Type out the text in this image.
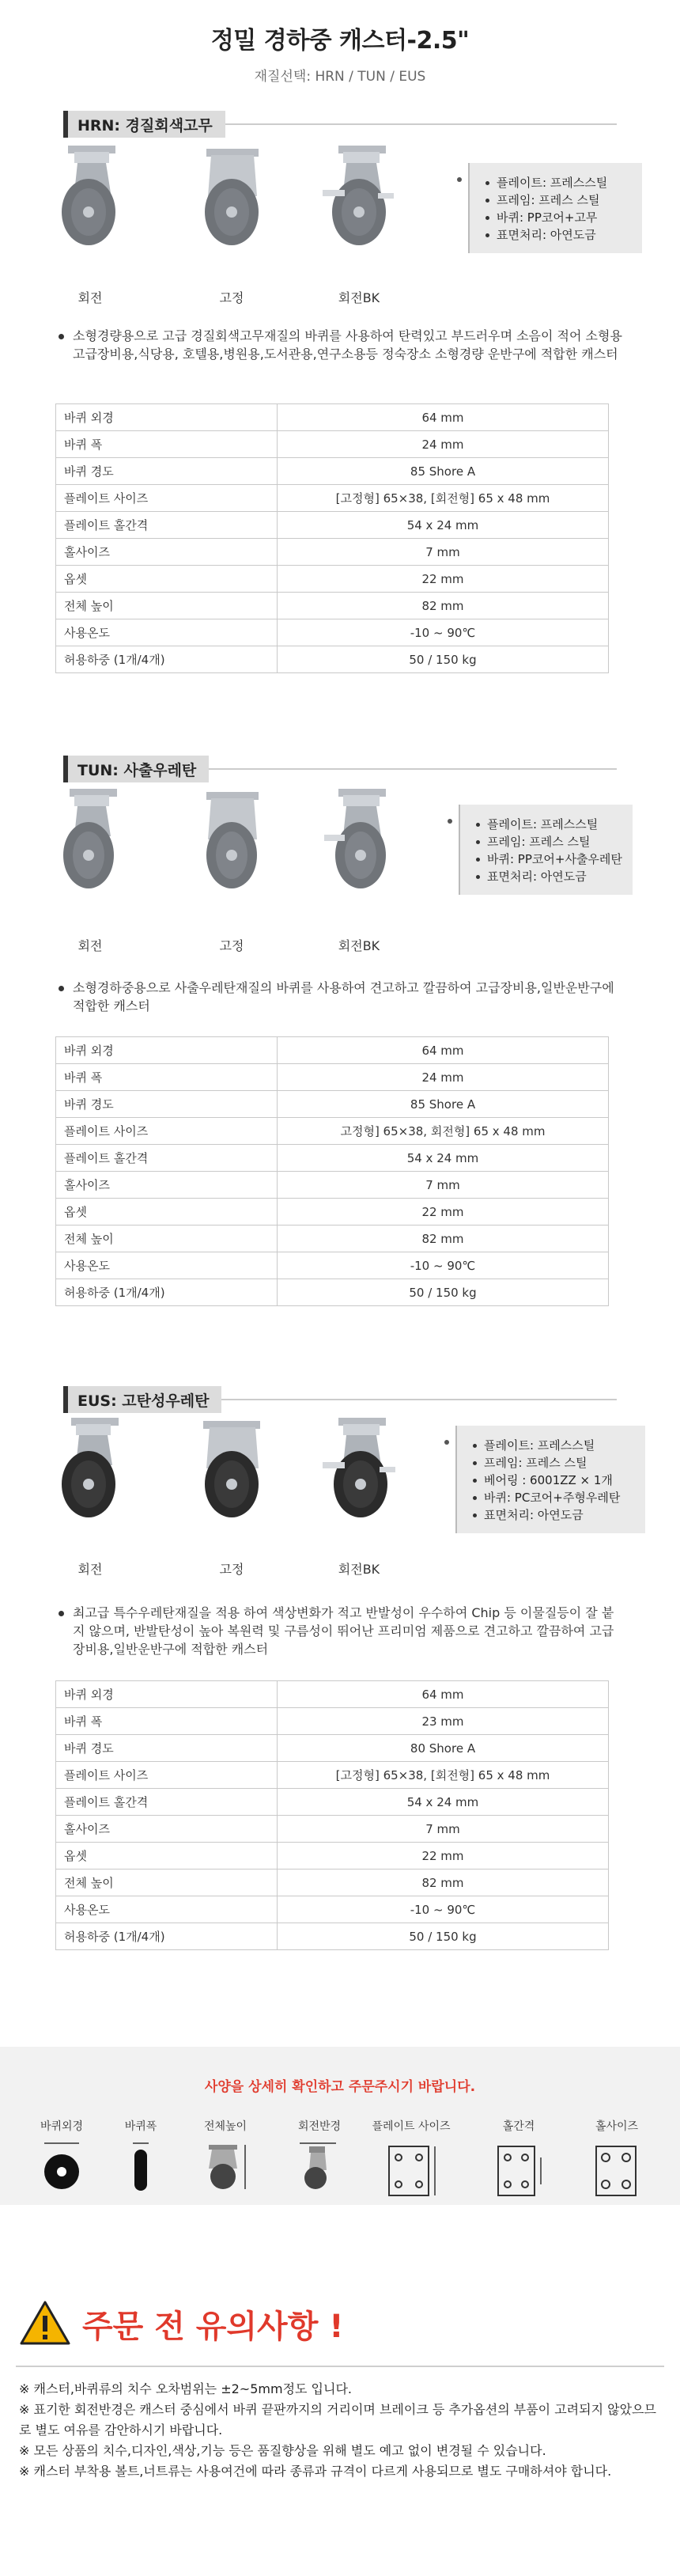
정밀 경하중 캐스터-2.5"
재질선택: HRN / TUN / EUS
HRN: 경질회색고무
회전	고정	회전BK
플레이트: 프레스스틸
프레임: 프레스 스틸
바퀴: PP코어+고무
표면처리: 아연도금
소형경량용으로 고급 경질회색고무재질의 바퀴를 사용하여 탄력있고 부드러우며 소음이 적어 소형용 고급장비용,식당용, 호텔용,병원용,도서관용,연구소용등 정숙장소 소형경량 운반구에 적합한 캐스터
바퀴 외경	64 mm
바퀴 폭	24 mm
바퀴 경도	85 Shore A
플레이트 사이즈	[고정형] 65×38, [회전형] 65 x 48 mm
플레이트 홀간격	54 x 24 mm
홀사이즈	7 mm
옵셋	22 mm
전체 높이	82 mm
사용온도	-10 ~ 90℃
허용하중 (1개/4개)	50 / 150 kg
TUN: 사출우레탄
회전	고정	회전BK
플레이트: 프레스스틸
프레임: 프레스 스틸
바퀴: PP코어+사출우레탄
표면처리: 아연도금
소형경하중용으로 사출우레탄재질의 바퀴를 사용하여 견고하고 깔끔하여 고급장비용,일반운반구에 적합한 캐스터
바퀴 외경	64 mm
바퀴 폭	24 mm
바퀴 경도	85 Shore A
플레이트 사이즈	고정형] 65×38, 회전형] 65 x 48 mm
플레이트 홀간격	54 x 24 mm
홀사이즈	7 mm
옵셋	22 mm
전체 높이	82 mm
사용온도	-10 ~ 90℃
허용하중 (1개/4개)	50 / 150 kg
EUS: 고탄성우레탄
회전	고정	회전BK
플레이트: 프레스스틸
프레임: 프레스 스틸
베어링 : 6001ZZ × 1개
바퀴: PC코어+주형우레탄
표면처리: 아연도금
최고급 특수우레탄재질을 적용 하여 색상변화가 적고 반발성이 우수하여 Chip 등 이물질등이 잘 붙지 않으며, 반발탄성이 높아 복원력 및 구름성이 뛰어난 프리미엄 제품으로 견고하고 깔끔하여 고급장비용,일반운반구에 적합한 캐스터
바퀴 외경	64 mm
바퀴 폭	23 mm
바퀴 경도	80 Shore A
플레이트 사이즈	[고정형] 65×38, [회전형] 65 x 48 mm
플레이트 홀간격	54 x 24 mm
홀사이즈	7 mm
옵셋	22 mm
전체 높이	82 mm
사용온도	-10 ~ 90℃
허용하중 (1개/4개)	50 / 150 kg
사양을 상세히 확인하고 주문주시기 바랍니다.
바퀴외경	바퀴폭	전체높이	회전반경	플레이트 사이즈	홀간격	홀사이즈
주문 전 유의사항 !

※ 캐스터,바퀴류의 치수 오차범위는 ±2~5mm정도 입니다.

※ 표기한 회전반경은 캐스터 중심에서 바퀴 끝판까지의 거리이며 브레이크 등 추가옵션의 부품이 고려되지 않았으므로 별도 여유를 감안하시기 바랍니다.

※ 모든 상품의 치수,디자인,색상,기능 등은 품질향상을 위해 별도 예고 없이 변경될 수 있습니다.

※ 캐스터 부착용 볼트,너트류는 사용여건에 따라 종류과 규격이 다르게 사용되므로 별도 구매하셔야 합니다.
